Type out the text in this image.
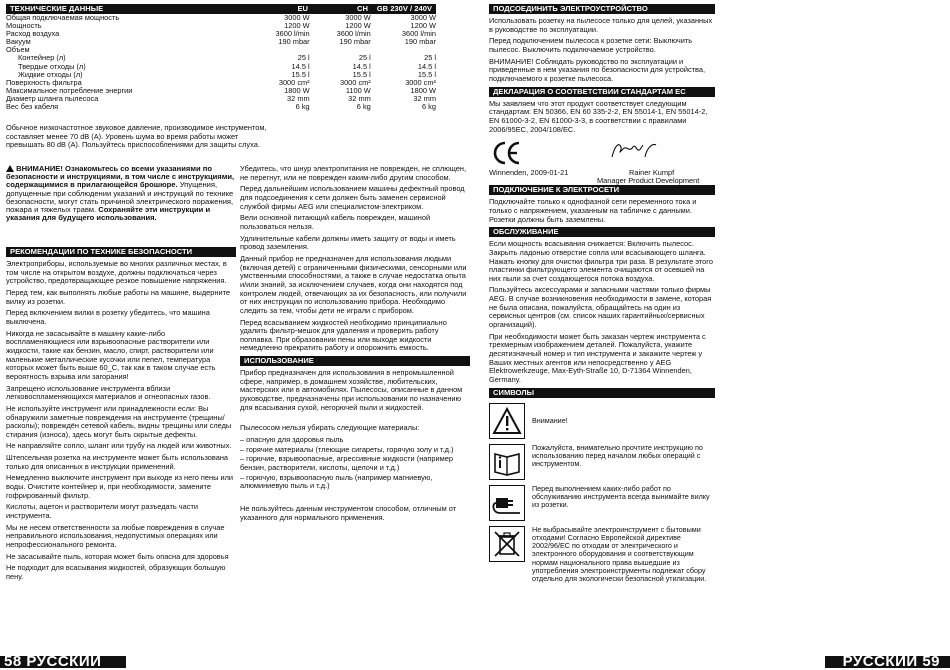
ТЕХНИЧЕСКИЕ ДАННЫЕ	EU	CH	GB 230V / 240V
Общая подключаемая мощность	3000 W	3000 W	3000 W
Мощность	1200 W	1200 W	1200 W
Расход воздуха	3600 l/min	3600 l/min	3600 l/min
Вакуум	190 mbar	190 mbar	190 mbar
Объем			
Контейнер (л)	25 l	25 l	25 l
Твердые отходы (л)	14.5 l	14.5 l	14.5 l
Жидкие отходы (л)	15.5 l	15.5 l	15.5 l
Поверхность фильтра	3000 cm²	3000 cm²	3000 cm²
Максимальное потребление энергии	1800 W	1100 W	1800 W
Диаметр шланга пылесоса	32 mm	32 mm	32 mm
Вес без кабеля	6 kg	6 kg	6 kg
Обычное низкочастотное звуковое давление, производимое инструментом, составляет менее 70 dB (A). Уровень шума во время работы может превышать 80 dB (A). Пользуйтесь приспособлениями для защиты слуха.

ВНИМАНИЕ! Ознакомьтесь со всеми указаниями по безопасности и инструкциями, в том числе с инструкциями, содержащимися в прилагающейся брошюре. Упущения, допущенные при соблюдении указаний и инструкций по технике безопасности, могут стать причиной электрического поражения, пожара и тяжелых травм. Сохраняйте эти инструкции и указания для будущего использования.

РЕКОМЕНДАЦИИ ПО ТЕХНИКЕ БЕЗОПАСНОСТИ

Электроприборы, используемые во многих различных местах, в том числе на открытом воздухе, должны подключаться через устройство, предотвращающее резкое повышение напряжения.

Перед тем, как выполнять любые работы на машине, выдерните вилку из розетки.

Перед включением вилки в розетку убедитесь, что машина выключена.

Никогда не засасывайте в машину какие-либо воспламеняющиеся или взрывоопасные растворители или жидкости, такие как бензин, масло, спирт, растворители или маленькие металлические кусочки или пепел, температура которых может быть выше 60_C, так как в таком случае есть вероятность взрыва или загорания!

Запрещено использование инструмента вблизи легковоспламеняющихся материалов и огнеопасных газов.

Не используйте инструмент или принадлежности если: Вы обнаружили заметные повреждения на инструменте (трещины/расколы); повреждён сетевой кабель, видны трещины или следы стирания (износа), здесь могут быть скрытые дефекты.

Не направляйте сопло, шланг или трубу на людей или животных.

Штепсельная розетка на инструменте может быть использована только для описанных в инструкции применений.

Немедленно выключите инструмент при выходе из него пены или воды. Очистите контейнер и, при необходимости, замените гофрированный фильтр.

Кислоты, ацетон и растворители могут разъедать части инструмента.

Мы не несем ответственности за любые повреждения в случае неправильного использования, недопустимых операциях или непрофессионального ремонта.

Не засасывайте пыль, которая может быть опасна для здоровья

Не подходит для всасывания жидкостей, образующих большую пену.

Убедитесь, что шнур электропитания не поврежден, не сплющен, не перегнут, или не поврежден каким-либо другим способом.

Перед дальнейшим использованием машины дефектный провод для подсоединения к сети должен быть заменен сервисной службой фирмы AEG или специалистом-электриком.

Вели основной питающий кабель поврежден, машиной пользоваться нельзя.

Удлинительные кабели должны иметь защиту от воды и иметь провод заземления.

Данный прибор не предназначен для использования людьми (включая детей) с ограниченными физическими, сенсорными или умственными способностями, а также в случае недостатка опыта и/или знаний, за исключением случаев, когда они находятся под контролем людей, отвечающих за их безопасность, или получили от них инструкции по использованию прибора. Необходимо следить за тем, чтобы дети не играли с прибором.

Перед всасыванием жидкостей необходимо принципиально удалить фильтр-мешок для удаления и проверить работу поплавка. При образовании пены или выходе жидкости немедленно прекратить работу и опорожнить емкость.

ИСПОЛЬЗОВАНИЕ

Прибор предназначен для использования в непромышленной сфере, например, в домашнем хозяйстве, любительских, мастерских или в автомобилях. Пылесосы, описанные в данном руководстве, предназначены при использовании по назначению для всасывания сухой, негорючей пыли и жидкостей.

Пылесосом нельзя убирать следующие материалы:

– опасную для здоровья пыль
– горячие материалы (тлеющие сигареты, горячую золу и т.д.)
– горючие, взрывоопасные, агрессивные жидкости (например бензин, растворители, кислоты, щелочи и т.д.)
– горючую, взрывоопасную пыль (например магниевую, алюминиевую пыль и т.д.)

Не пользуйтесь данным инструментом способом, отличным от указанного для нормального применения.

58 РУССКИЙ
ПОДСОЕДИНИТЬ ЭЛЕКТРОУСТРОЙСТВО

Использовать розетку на пылесосе только для целей, указанных в руководстве по эксплуатации.

Перед подключением пылесоса к розетке сети: Выключить пылесос. Выключить подключаемое устройство.

ВНИМАНИЕ! Соблюдать руководство по эксплуатации и приведенные в нем указания по безопасности для устройства, подключаемого к розетке пылесоса.

ДЕКЛАРАЦИЯ О СООТВЕТСТВИИ СТАНДАРТАМ ЕС

Мы заявляем что этот продукт соответствует следующим стандартам: EN 50366, EN 60 335-2-2, EN 55014-1, EN 55014-2, EN 61000-3-2, EN 61000-3-3, в соответствии с правилами 2006/95EC, 2004/108/EC.

Winnenden, 2009-01-21	Rainer Kumpf
Manager Product Development
ПОДКЛЮЧЕНИЕ К ЭЛЕКТРОСЕТИ

Подключайте только к однофазной сети переменного тока и только с напряжением, указанным на табличке с данными. Розетки должны быть заземлены.

ОБСЛУЖИВАНИЕ

Если мощность всасывания снижается: Включить пылесос. Закрыть ладонью отверстие сопла или всасывающего шланга. Нажать кнопку для очистки фильтра три раза. В результате этого пластинки фильтрующего элемента очищаются от осевшей на них пыли за счет создающегося потока воздуха.

Пользуйтесь аксессуарами и запасными частями только фирмы AEG. В случае возникновения необходимости в замене, которая не была описана, пожалуйста, обращайтесь на один из сервисных центров (см. список наших гарантийных/сервисных организаций).

При необходимости может быть заказан чертеж инструмента с трехмерным изображением деталей. Пожалуйста, укажите десятизначный номер и тип инструмента и закажите чертеж у Ваших местных агентов или непосредственно у AEG Elektrowerkzeuge, Max-Eyth-Straße 10, D-71364 Winnenden, Germany.

СИМВОЛЫ
Внимание!
Пожалуйста, внимательно прочтите инструкцию по использованию перед началом любых операций с инструментом.
Перед выполнением каких-либо работ по обслуживанию инструмента всегда вынимайте вилку из розетки.
Не выбрасывайте электроинструмент с бытовыми отходами! Согласно Европейской директиве 2002/96/EC по отходам от электрического и электронного оборудования и соответствующим нормам национального права вышедшие из употребления электроинструменты подлежат сбору отдельно для экологически безопасной утилизации.
РУССКИЙ 59
